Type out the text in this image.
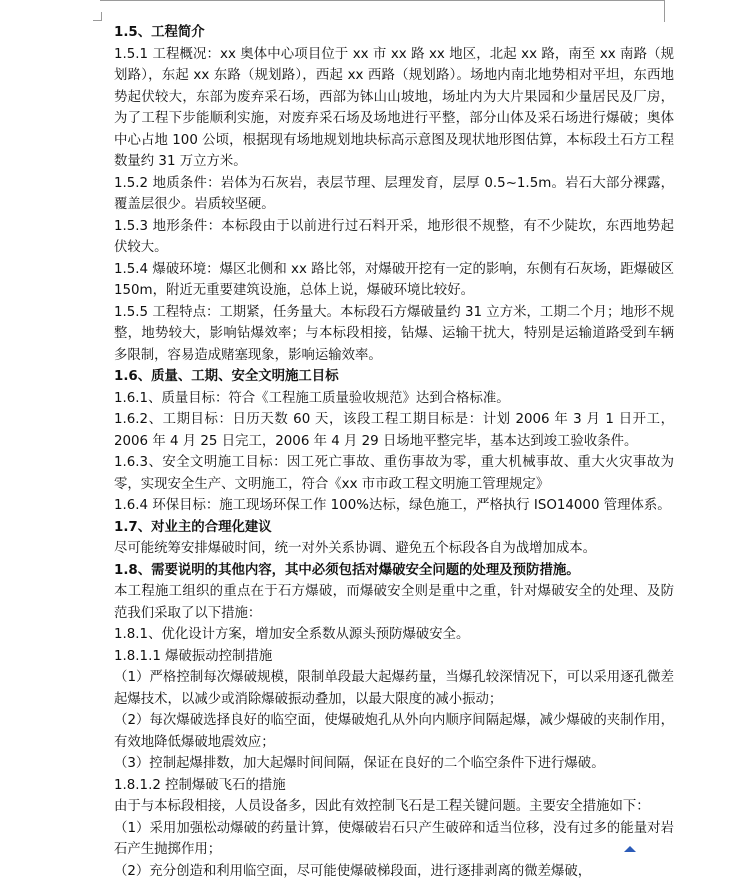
1.5、工程简介

1.5.1 工程概况：xx 奥体中心项目位于 xx 市 xx 路 xx 地区，北起 xx 路，南至 xx 南路（规划路），东起 xx 东路（规划路），西起 xx 西路（规划路）。场地内南北地势相对平坦，东西地势起伏较大，东部为废弃采石场，西部为钵山山坡地，场址内为大片果园和少量居民及厂房，为了工程下步能顺利实施，对废弃采石场及场地进行平整，部分山体及采石场进行爆破；奥体中心占地 100 公顷，根据现有场地规划地块标高示意图及现状地形图估算，本标段土石方工程数量约 31 万立方米。

1.5.2 地质条件：岩体为石灰岩，表层节理、层理发育，层厚 0.5~1.5m。岩石大部分裸露，覆盖层很少。岩质较坚硬。

1.5.3 地形条件：本标段由于以前进行过石料开采，地形很不规整，有不少陡坎，东西地势起伏较大。

1.5.4 爆破环境：爆区北侧和 xx 路比邻，对爆破开挖有一定的影响，东侧有石灰场，距爆破区 150m，附近无重要建筑设施，总体上说，爆破环境比较好。

1.5.5 工程特点：工期紧，任务量大。本标段石方爆破量约 31 立方米，工期二个月；地形不规整，地势较大，影响钻爆效率；与本标段相接，钻爆、运输干扰大，特别是运输道路受到车辆多限制，容易造成赌塞现象，影响运输效率。

1.6、质量、工期、安全文明施工目标

1.6.1、质量目标：符合《工程施工质量验收规范》达到合格标准。

1.6.2、工期目标：日历天数 60 天，该段工程工期目标是：计划 2006 年 3 月 1 日开工，2006 年 4 月 25 日完工，2006 年 4 月 29 日场地平整完毕，基本达到竣工验收条件。

1.6.3、安全文明施工目标：因工死亡事故、重伤事故为零，重大机械事故、重大火灾事故为零，实现安全生产、文明施工，符合《xx 市市政工程文明施工管理规定》

1.6.4 环保目标：施工现场环保工作 100%达标，绿色施工，严格执行 ISO14000 管理体系。

1.7、对业主的合理化建议

尽可能统筹安排爆破时间，统一对外关系协调、避免五个标段各自为战增加成本。

1.8、需要说明的其他内容，其中必须包括对爆破安全问题的处理及预防措施。

本工程施工组织的重点在于石方爆破，而爆破安全则是重中之重，针对爆破安全的处理、及防范我们采取了以下措施：

1.8.1、优化设计方案，增加安全系数从源头预防爆破安全。

1.8.1.1 爆破振动控制措施

（1）严格控制每次爆破规模，限制单段最大起爆药量，当爆孔较深情况下，可以采用逐孔微差起爆技术，以减少或消除爆破振动叠加，以最大限度的减小振动；

（2）每次爆破选择良好的临空面，使爆破炮孔从外向内顺序间隔起爆，减少爆破的夹制作用，有效地降低爆破地震效应；

（3）控制起爆排数，加大起爆时间间隔，保证在良好的二个临空条件下进行爆破。

1.8.1.2 控制爆破飞石的措施

由于与本标段相接，人员设备多，因此有效控制飞石是工程关键问题。主要安全措施如下：

（1）采用加强松动爆破的药量计算，使爆破岩石只产生破碎和适当位移，没有过多的能量对岩石产生抛掷作用；

（2）充分创造和利用临空面，尽可能使爆破梯段面，进行逐排剥离的微差爆破，
